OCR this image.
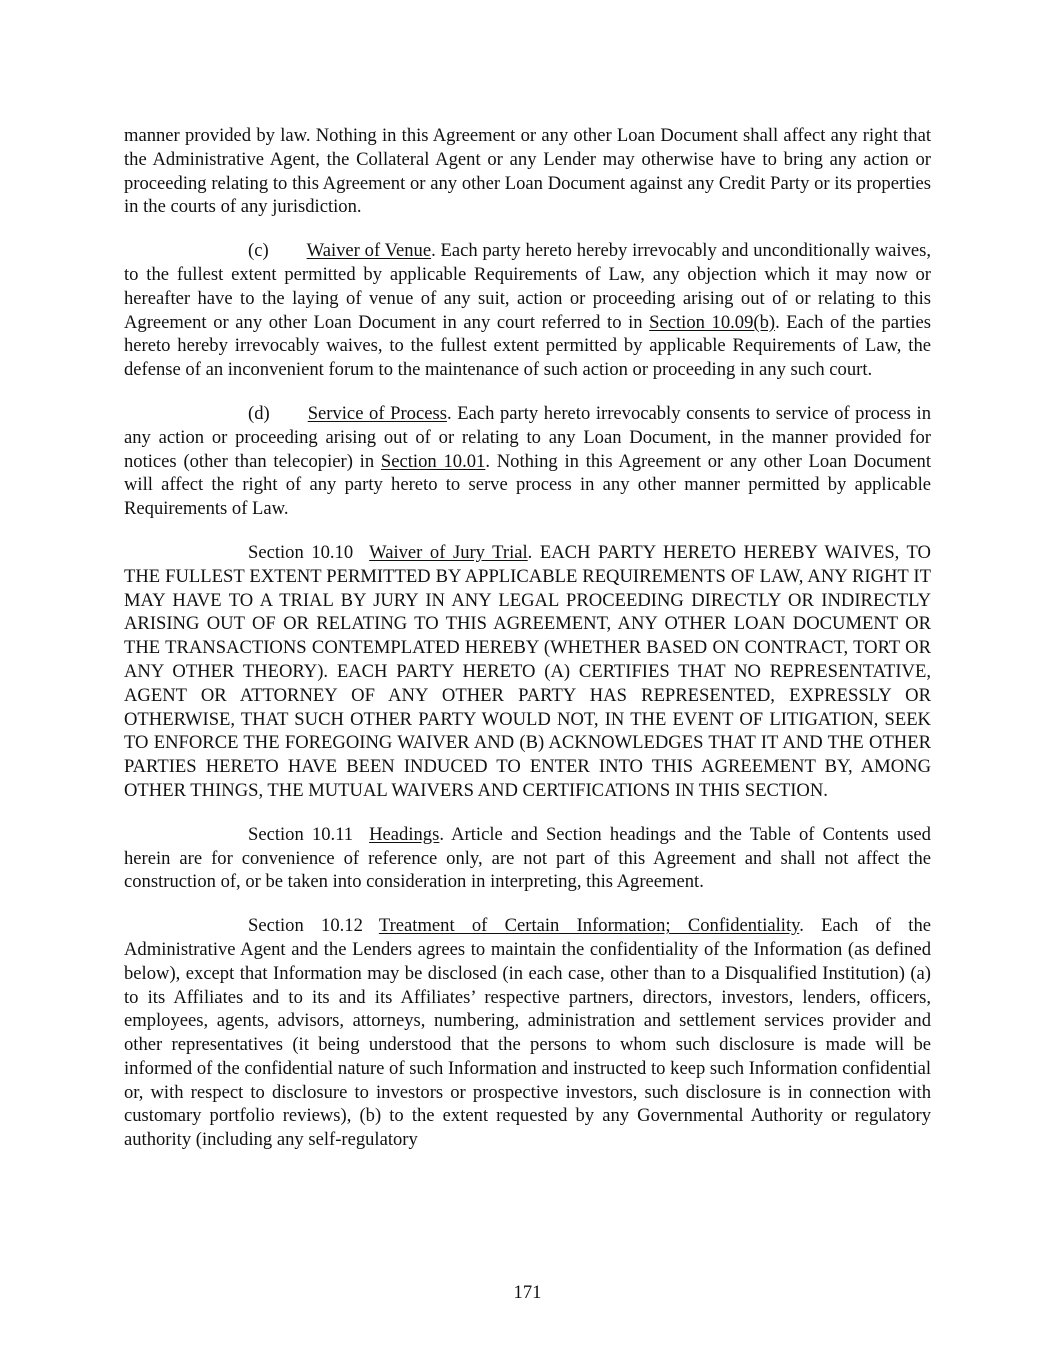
manner provided by law. Nothing in this Agreement or any other Loan Document shall affect any right that the Administrative Agent, the Collateral Agent or any Lender may otherwise have to bring any action or proceeding relating to this Agreement or any other Loan Document against any Credit Party or its properties in the courts of any jurisdiction.

(c) Waiver of Venue. Each party hereto hereby irrevocably and unconditionally waives, to the fullest extent permitted by applicable Requirements of Law, any objection which it may now or hereafter have to the laying of venue of any suit, action or proceeding arising out of or relating to this Agreement or any other Loan Document in any court referred to in Section 10.09(b). Each of the parties hereto hereby irrevocably waives, to the fullest extent permitted by applicable Requirements of Law, the defense of an inconvenient forum to the maintenance of such action or proceeding in any such court.

(d) Service of Process. Each party hereto irrevocably consents to service of process in any action or proceeding arising out of or relating to any Loan Document, in the manner provided for notices (other than telecopier) in Section 10.01. Nothing in this Agreement or any other Loan Document will affect the right of any party hereto to serve process in any other manner permitted by applicable Requirements of Law.

Section 10.10 Waiver of Jury Trial. EACH PARTY HERETO HEREBY WAIVES, TO THE FULLEST EXTENT PERMITTED BY APPLICABLE REQUIREMENTS OF LAW, ANY RIGHT IT MAY HAVE TO A TRIAL BY JURY IN ANY LEGAL PROCEEDING DIRECTLY OR INDIRECTLY ARISING OUT OF OR RELATING TO THIS AGREEMENT, ANY OTHER LOAN DOCUMENT OR THE TRANSACTIONS CONTEMPLATED HEREBY (WHETHER BASED ON CONTRACT, TORT OR ANY OTHER THEORY). EACH PARTY HERETO (A) CERTIFIES THAT NO REPRESENTATIVE, AGENT OR ATTORNEY OF ANY OTHER PARTY HAS REPRESENTED, EXPRESSLY OR OTHERWISE, THAT SUCH OTHER PARTY WOULD NOT, IN THE EVENT OF LITIGATION, SEEK TO ENFORCE THE FOREGOING WAIVER AND (B) ACKNOWLEDGES THAT IT AND THE OTHER PARTIES HERETO HAVE BEEN INDUCED TO ENTER INTO THIS AGREEMENT BY, AMONG OTHER THINGS, THE MUTUAL WAIVERS AND CERTIFICATIONS IN THIS SECTION.

Section 10.11 Headings. Article and Section headings and the Table of Contents used herein are for convenience of reference only, are not part of this Agreement and shall not affect the construction of, or be taken into consideration in interpreting, this Agreement.

Section 10.12 Treatment of Certain Information; Confidentiality. Each of the Administrative Agent and the Lenders agrees to maintain the confidentiality of the Information (as defined below), except that Information may be disclosed (in each case, other than to a Disqualified Institution) (a) to its Affiliates and to its and its Affiliates’ respective partners, directors, investors, lenders, officers, employees, agents, advisors, attorneys, numbering, administration and settlement services provider and other representatives (it being understood that the persons to whom such disclosure is made will be informed of the confidential nature of such Information and instructed to keep such Information confidential or, with respect to disclosure to investors or prospective investors, such disclosure is in connection with customary portfolio reviews), (b) to the extent requested by any Governmental Authority or regulatory authority (including any self-regulatory

171
